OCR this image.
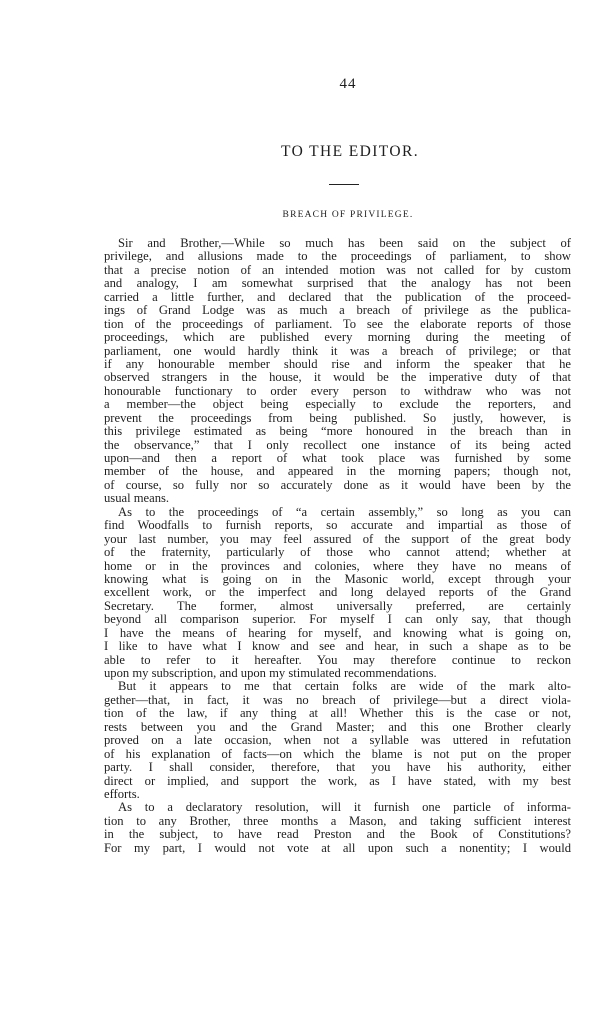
44
TO THE EDITOR.
BREACH OF PRIVILEGE.
Sir and Brother,—While so much has been said on the subject of
privilege, and allusions made to the proceedings of parliament, to show
that a precise notion of an intended motion was not called for by custom
and analogy, I am somewhat surprised that the analogy has not been
carried a little further, and declared that the publication of the proceed-
ings of Grand Lodge was as much a breach of privilege as the publica-
tion of the proceedings of parliament. To see the elaborate reports of those
proceedings, which are published every morning during the meeting of
parliament, one would hardly think it was a breach of privilege; or that
if any honourable member should rise and inform the speaker that he
observed strangers in the house, it would be the imperative duty of that
honourable functionary to order every person to withdraw who was not
a member—the object being especially to exclude the reporters, and
prevent the proceedings from being published. So justly, however, is
this privilege estimated as being “more honoured in the breach than in
the observance,” that I only recollect one instance of its being acted
upon—and then a report of what took place was furnished by some
member of the house, and appeared in the morning papers; though not,
of course, so fully nor so accurately done as it would have been by the
usual means.
As to the proceedings of “a certain assembly,” so long as you can
find Woodfalls to furnish reports, so accurate and impartial as those of
your last number, you may feel assured of the support of the great body
of the fraternity, particularly of those who cannot attend; whether at
home or in the provinces and colonies, where they have no means of
knowing what is going on in the Masonic world, except through your
excellent work, or the imperfect and long delayed reports of the Grand
Secretary. The former, almost universally preferred, are certainly
beyond all comparison superior. For myself I can only say, that though
I have the means of hearing for myself, and knowing what is going on,
I like to have what I know and see and hear, in such a shape as to be
able to refer to it hereafter. You may therefore continue to reckon
upon my subscription, and upon my stimulated recommendations.
But it appears to me that certain folks are wide of the mark alto-
gether—that, in fact, it was no breach of privilege—but a direct viola-
tion of the law, if any thing at all! Whether this is the case or not,
rests between you and the Grand Master; and this one Brother clearly
proved on a late occasion, when not a syllable was uttered in refutation
of his explanation of facts—on which the blame is not put on the proper
party. I shall consider, therefore, that you have his authority, either
direct or implied, and support the work, as I have stated, with my best
efforts.
As to a declaratory resolution, will it furnish one particle of informa-
tion to any Brother, three months a Mason, and taking sufficient interest
in the subject, to have read Preston and the Book of Constitutions?
For my part, I would not vote at all upon such a nonentity; I would
